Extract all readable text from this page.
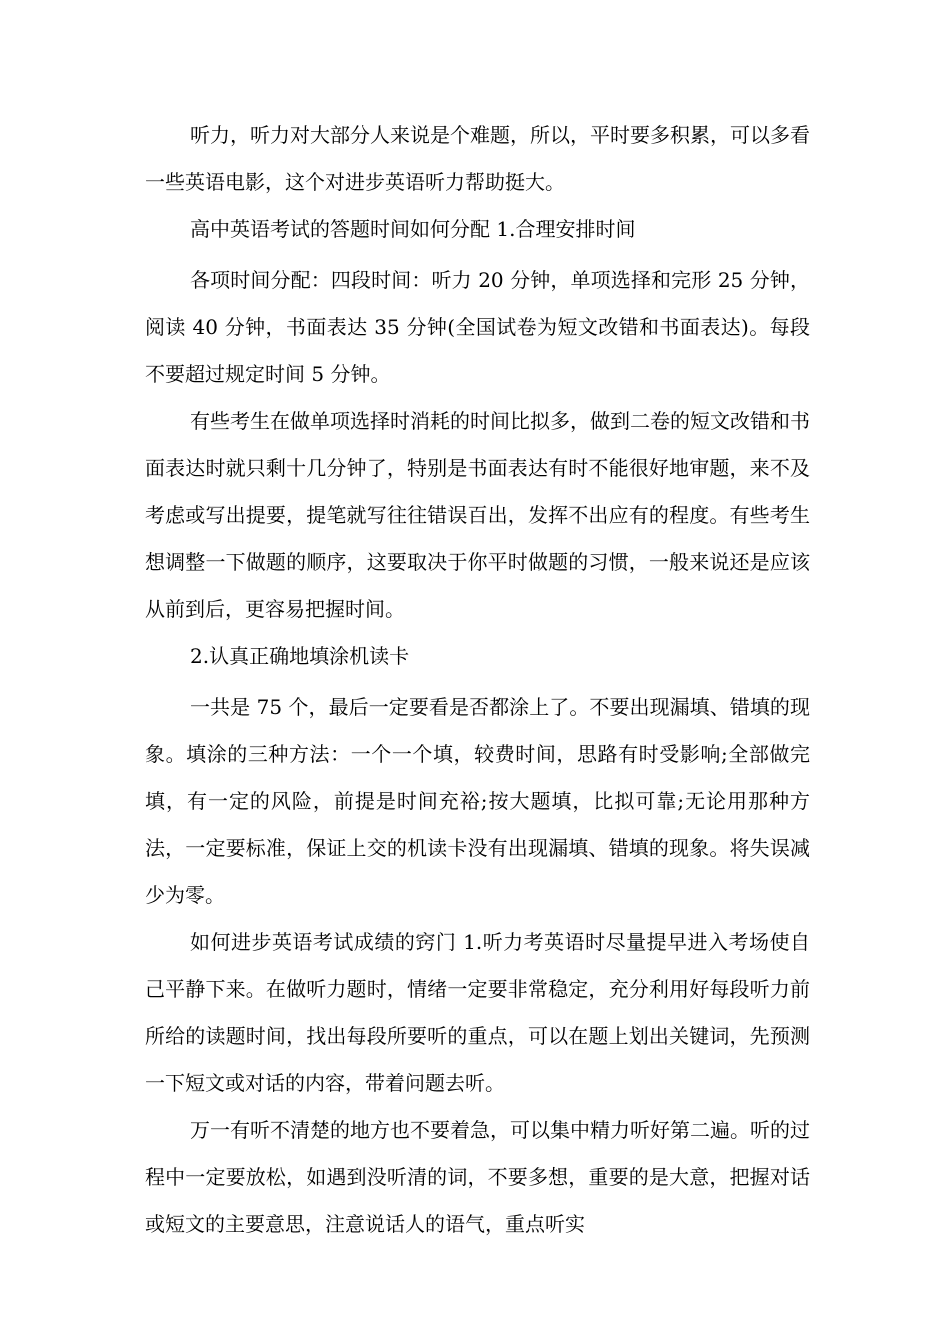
听力，听力对大部分人来说是个难题，所以，平时要多积累，可以多看一些英语电影，这个对进步英语听力帮助挺大。

高中英语考试的答题时间如何分配 1.合理安排时间

各项时间分配：四段时间：听力 20 分钟，单项选择和完形 25 分钟，阅读 40 分钟，书面表达 35 分钟(全国试卷为短文改错和书面表达)。每段不要超过规定时间 5 分钟。

有些考生在做单项选择时消耗的时间比拟多，做到二卷的短文改错和书面表达时就只剩十几分钟了，特别是书面表达有时不能很好地审题，来不及考虑或写出提要，提笔就写往往错误百出，发挥不出应有的程度。有些考生想调整一下做题的顺序，这要取决于你平时做题的习惯，一般来说还是应该从前到后，更容易把握时间。

2.认真正确地填涂机读卡

一共是 75 个，最后一定要看是否都涂上了。不要出现漏填、错填的现象。填涂的三种方法：一个一个填，较费时间，思路有时受影响;全部做完填，有一定的风险，前提是时间充裕;按大题填，比拟可靠;无论用那种方法，一定要标准，保证上交的机读卡没有出现漏填、错填的现象。将失误减少为零。

如何进步英语考试成绩的窍门 1.听力考英语时尽量提早进入考场使自己平静下来。在做听力题时，情绪一定要非常稳定，充分利用好每段听力前所给的读题时间，找出每段所要听的重点，可以在题上划出关键词，先预测一下短文或对话的内容，带着问题去听。

万一有听不清楚的地方也不要着急，可以集中精力听好第二遍。听的过程中一定要放松，如遇到没听清的词，不要多想，重要的是大意，把握对话或短文的主要意思，注意说话人的语气，重点听实
